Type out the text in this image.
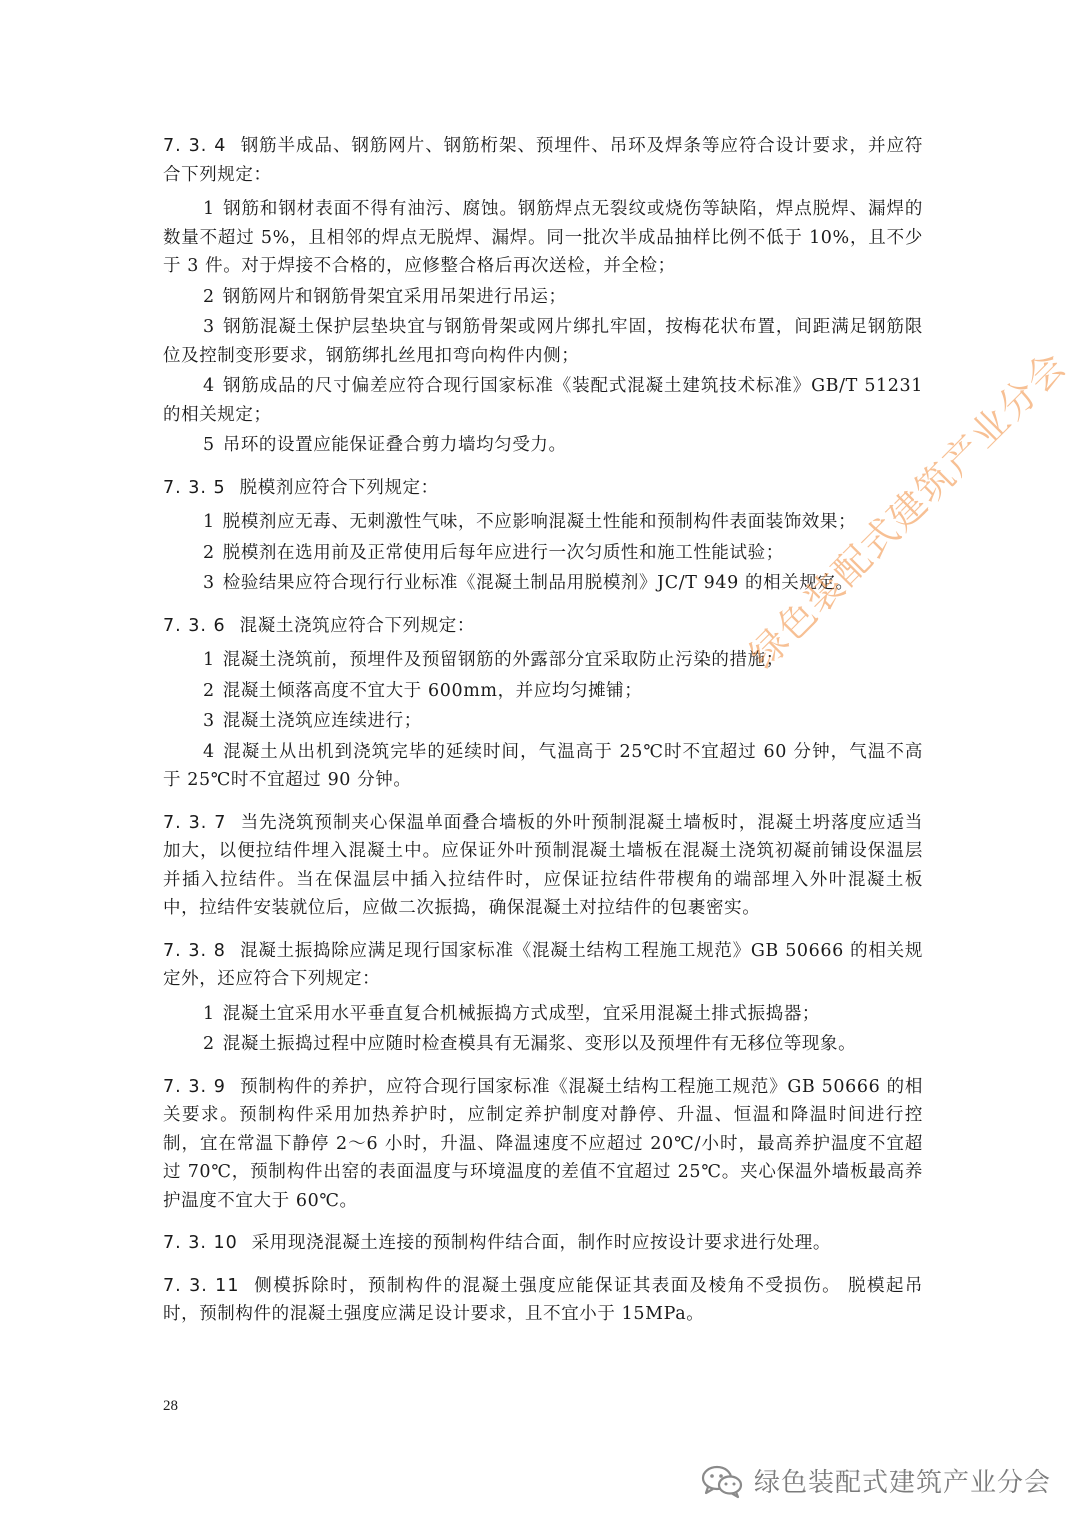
7. 3. 4 钢筋半成品、钢筋网片、钢筋桁架、预埋件、吊环及焊条等应符合设计要求，并应符合下列规定：

1 钢筋和钢材表面不得有油污、腐蚀。钢筋焊点无裂纹或烧伤等缺陷，焊点脱焊、漏焊的数量不超过 5%，且相邻的焊点无脱焊、漏焊。同一批次半成品抽样比例不低于 10%，且不少于 3 件。对于焊接不合格的，应修整合格后再次送检，并全检；

2 钢筋网片和钢筋骨架宜采用吊架进行吊运；

3 钢筋混凝土保护层垫块宜与钢筋骨架或网片绑扎牢固，按梅花状布置，间距满足钢筋限位及控制变形要求，钢筋绑扎丝甩扣弯向构件内侧；

4 钢筋成品的尺寸偏差应符合现行国家标准《装配式混凝土建筑技术标准》GB/T 51231 的相关规定；

5 吊环的设置应能保证叠合剪力墙均匀受力。

7. 3. 5 脱模剂应符合下列规定：

1 脱模剂应无毒、无刺激性气味，不应影响混凝土性能和预制构件表面装饰效果；

2 脱模剂在选用前及正常使用后每年应进行一次匀质性和施工性能试验；

3 检验结果应符合现行行业标准《混凝土制品用脱模剂》JC/T 949 的相关规定。

7. 3. 6 混凝土浇筑应符合下列规定：

1 混凝土浇筑前，预埋件及预留钢筋的外露部分宜采取防止污染的措施；

2 混凝土倾落高度不宜大于 600mm，并应均匀摊铺；

3 混凝土浇筑应连续进行；

4 混凝土从出机到浇筑完毕的延续时间，气温高于 25℃时不宜超过 60 分钟，气温不高于 25℃时不宜超过 90 分钟。

7. 3. 7 当先浇筑预制夹心保温单面叠合墙板的外叶预制混凝土墙板时，混凝土坍落度应适当加大，以便拉结件埋入混凝土中。应保证外叶预制混凝土墙板在混凝土浇筑初凝前铺设保温层并插入拉结件。当在保温层中插入拉结件时，应保证拉结件带楔角的端部埋入外叶混凝土板中，拉结件安装就位后，应做二次振捣，确保混凝土对拉结件的包裹密实。

7. 3. 8 混凝土振捣除应满足现行国家标准《混凝土结构工程施工规范》GB 50666 的相关规定外，还应符合下列规定：

1 混凝土宜采用水平垂直复合机械振捣方式成型，宜采用混凝土排式振捣器；

2 混凝土振捣过程中应随时检查模具有无漏浆、变形以及预埋件有无移位等现象。

7. 3. 9 预制构件的养护，应符合现行国家标准《混凝土结构工程施工规范》GB 50666 的相关要求。预制构件采用加热养护时，应制定养护制度对静停、升温、恒温和降温时间进行控制，宜在常温下静停 2～6 小时，升温、降温速度不应超过 20℃/小时，最高养护温度不宜超过 70℃，预制构件出窑的表面温度与环境温度的差值不宜超过 25℃。夹心保温外墙板最高养护温度不宜大于 60℃。

7. 3. 10 采用现浇混凝土连接的预制构件结合面，制作时应按设计要求进行处理。

7. 3. 11 侧模拆除时，预制构件的混凝土强度应能保证其表面及棱角不受损伤。 脱模起吊时，预制构件的混凝土强度应满足设计要求，且不宜小于 15MPa。

绿色装配式建筑产业分会
28
绿色装配式建筑产业分会
